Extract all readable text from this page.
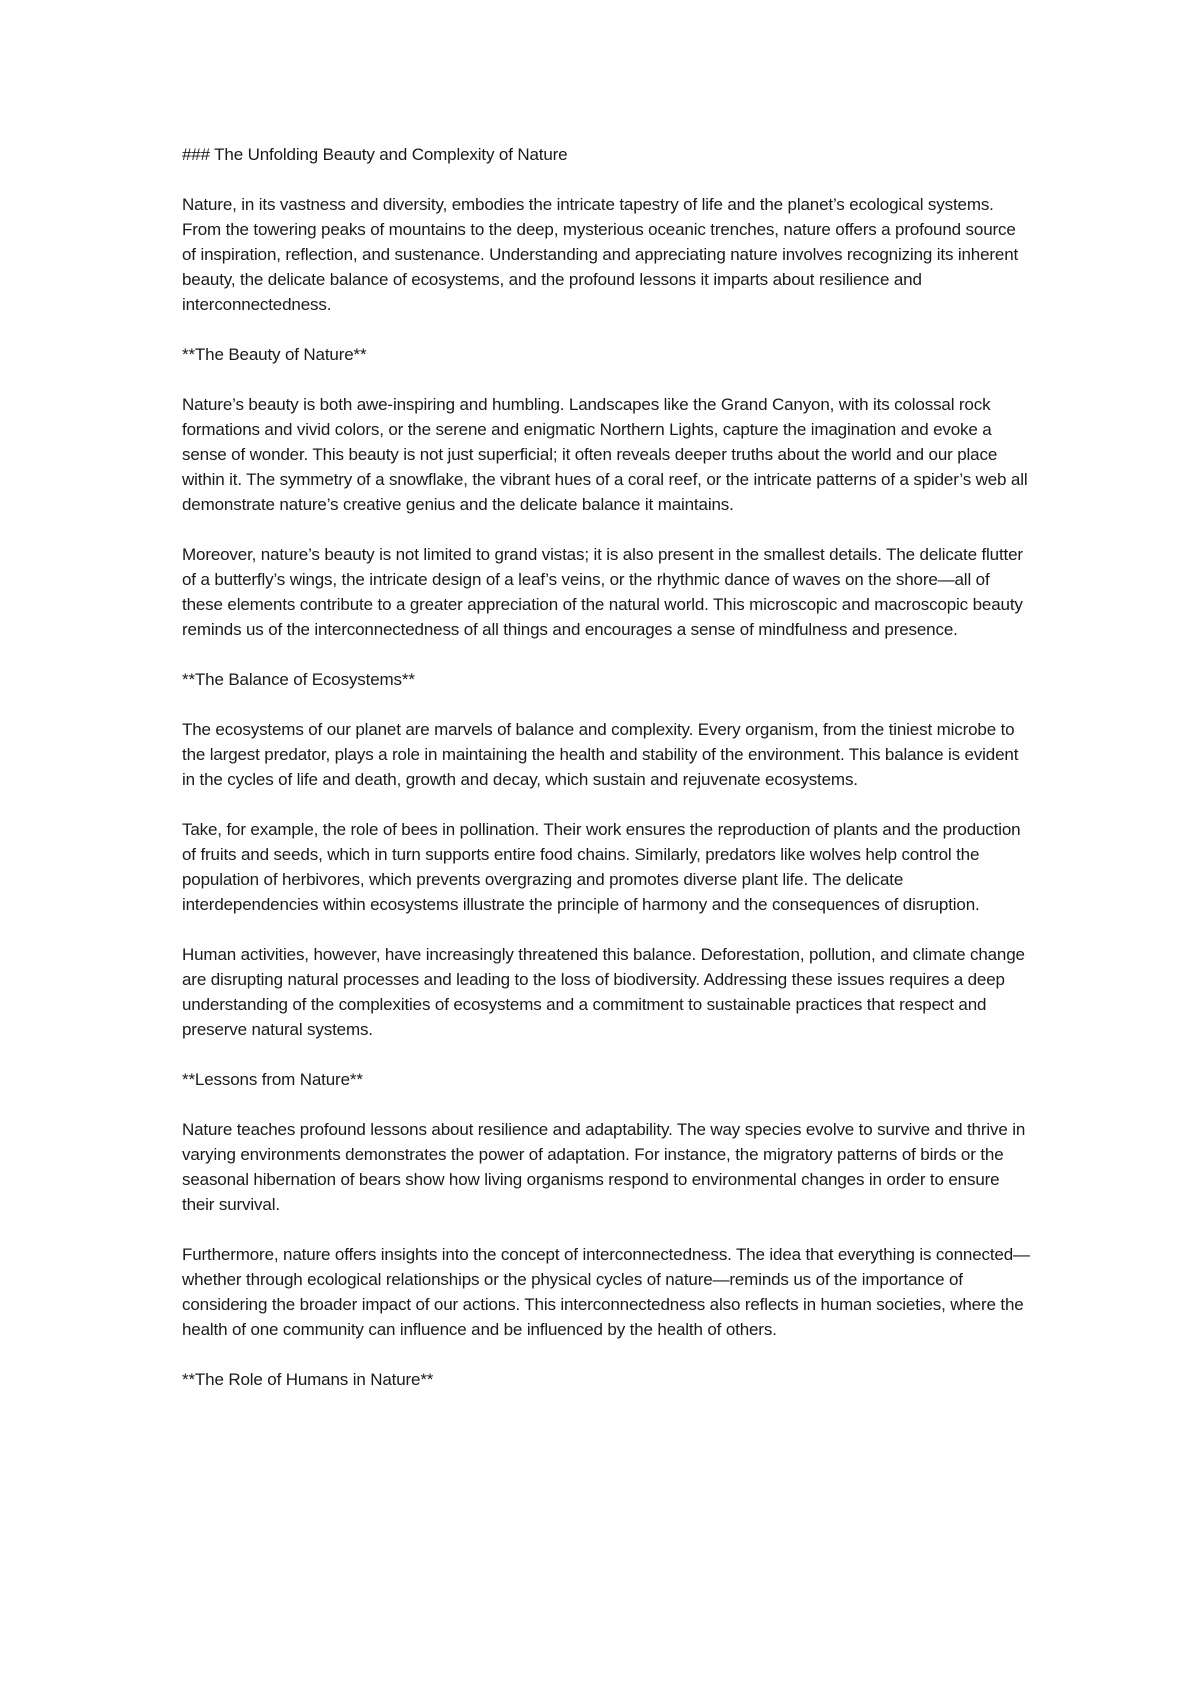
### The Unfolding Beauty and Complexity of Nature

Nature, in its vastness and diversity, embodies the intricate tapestry of life and the planet’s ecological systems. From the towering peaks of mountains to the deep, mysterious oceanic trenches, nature offers a profound source of inspiration, reflection, and sustenance. Understanding and appreciating nature involves recognizing its inherent beauty, the delicate balance of ecosystems, and the profound lessons it imparts about resilience and interconnectedness.

**The Beauty of Nature**

Nature’s beauty is both awe-inspiring and humbling. Landscapes like the Grand Canyon, with its colossal rock formations and vivid colors, or the serene and enigmatic Northern Lights, capture the imagination and evoke a sense of wonder. This beauty is not just superficial; it often reveals deeper truths about the world and our place within it. The symmetry of a snowflake, the vibrant hues of a coral reef, or the intricate patterns of a spider’s web all demonstrate nature’s creative genius and the delicate balance it maintains.

Moreover, nature’s beauty is not limited to grand vistas; it is also present in the smallest details. The delicate flutter of a butterfly’s wings, the intricate design of a leaf’s veins, or the rhythmic dance of waves on the shore—all of these elements contribute to a greater appreciation of the natural world. This microscopic and macroscopic beauty reminds us of the interconnectedness of all things and encourages a sense of mindfulness and presence.

**The Balance of Ecosystems**

The ecosystems of our planet are marvels of balance and complexity. Every organism, from the tiniest microbe to the largest predator, plays a role in maintaining the health and stability of the environment. This balance is evident in the cycles of life and death, growth and decay, which sustain and rejuvenate ecosystems.

Take, for example, the role of bees in pollination. Their work ensures the reproduction of plants and the production of fruits and seeds, which in turn supports entire food chains. Similarly, predators like wolves help control the population of herbivores, which prevents overgrazing and promotes diverse plant life. The delicate interdependencies within ecosystems illustrate the principle of harmony and the consequences of disruption.

Human activities, however, have increasingly threatened this balance. Deforestation, pollution, and climate change are disrupting natural processes and leading to the loss of biodiversity. Addressing these issues requires a deep understanding of the complexities of ecosystems and a commitment to sustainable practices that respect and preserve natural systems.

**Lessons from Nature**

Nature teaches profound lessons about resilience and adaptability. The way species evolve to survive and thrive in varying environments demonstrates the power of adaptation. For instance, the migratory patterns of birds or the seasonal hibernation of bears show how living organisms respond to environmental changes in order to ensure their survival.

Furthermore, nature offers insights into the concept of interconnectedness. The idea that everything is connected—whether through ecological relationships or the physical cycles of nature—reminds us of the importance of considering the broader impact of our actions. This interconnectedness also reflects in human societies, where the health of one community can influence and be influenced by the health of others.

**The Role of Humans in Nature**
